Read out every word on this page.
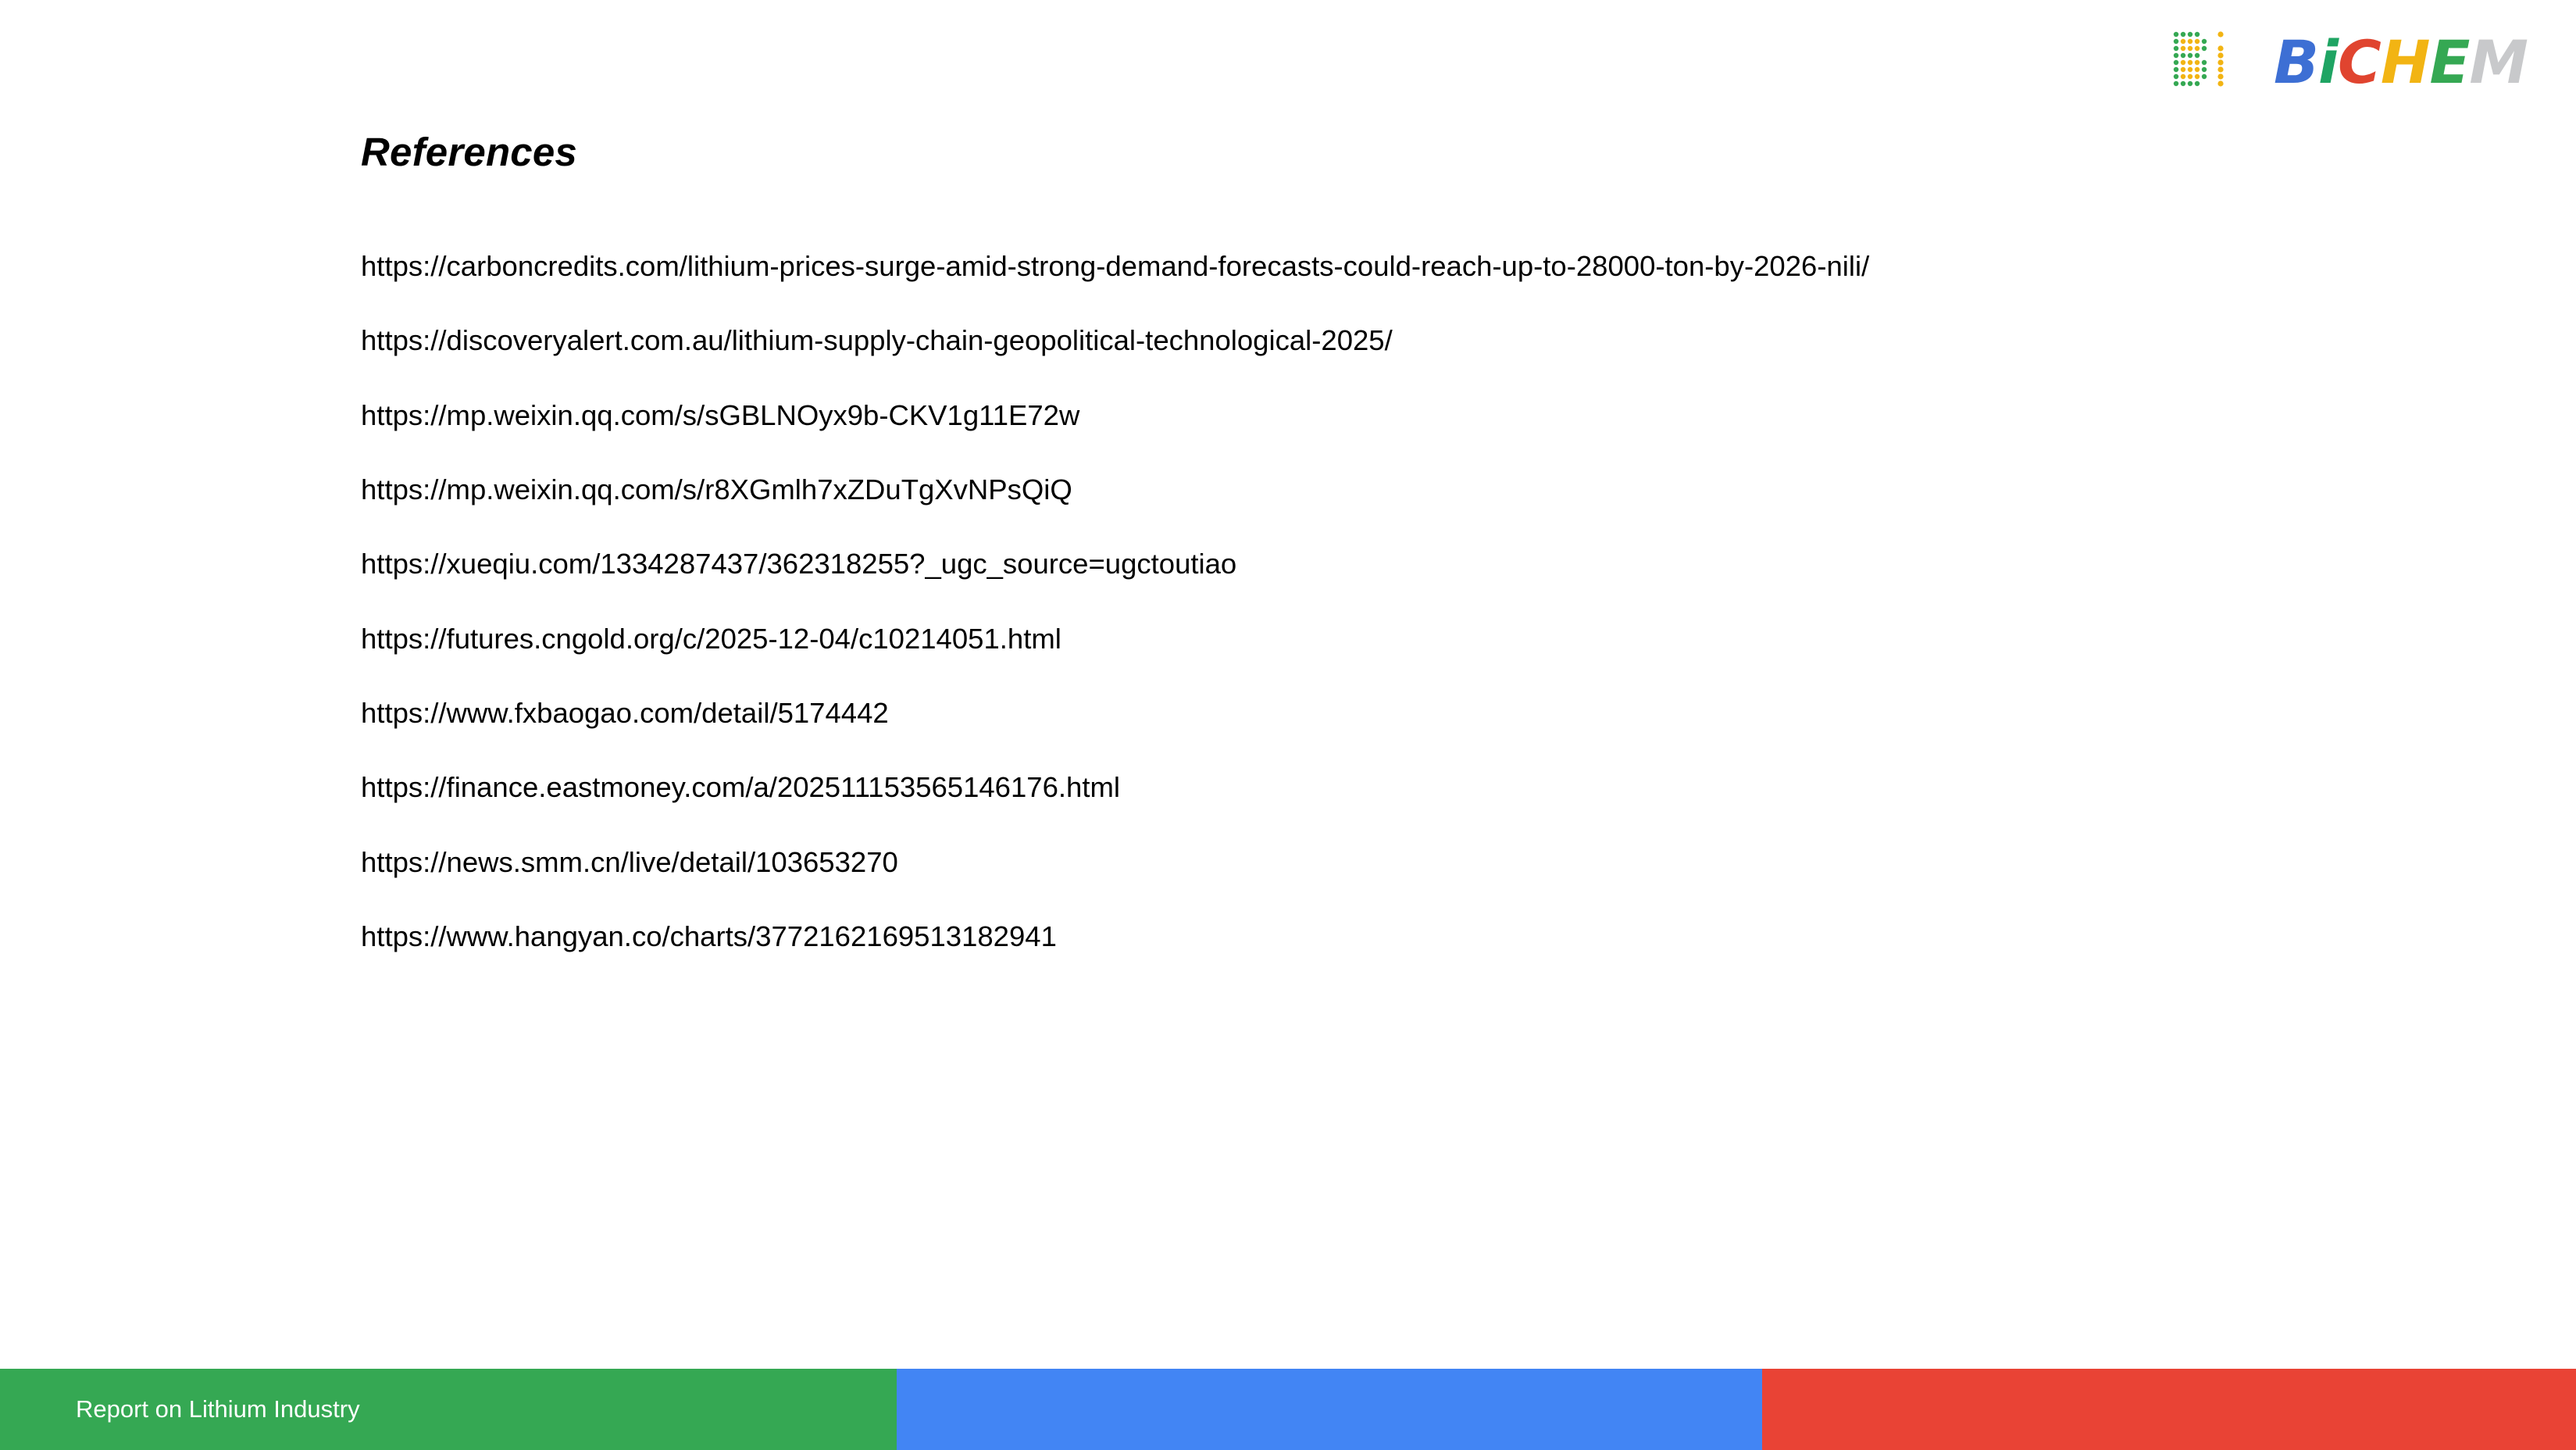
BiCHEM
References
https://carboncredits.com/lithium-prices-surge-amid-strong-demand-forecasts-could-reach-up-to-28000-ton-by-2026-nili/
https://discoveryalert.com.au/lithium-supply-chain-geopolitical-technological-2025/
https://mp.weixin.qq.com/s/sGBLNOyx9b-CKV1g11E72w
https://mp.weixin.qq.com/s/r8XGmlh7xZDuTgXvNPsQiQ
https://xueqiu.com/1334287437/362318255?_ugc_source=ugctoutiao
https://futures.cngold.org/c/2025-12-04/c10214051.html
https://www.fxbaogao.com/detail/5174442
https://finance.eastmoney.com/a/202511153565146176.html
https://news.smm.cn/live/detail/103653270
https://www.hangyan.co/charts/3772162169513182941
Report on Lithium Industry
